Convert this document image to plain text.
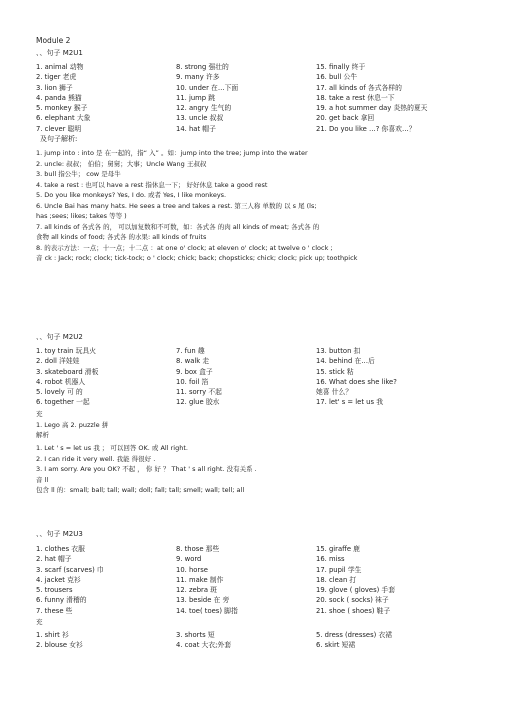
Module 2
、、句子 M2U1
1. animal 动物	8. strong 强壮的	15. finally 终于
2. tiger 老虎	9. many 许多	16. bull 公牛
3. lion 狮子	10. under 在…下面	17. all kinds of 各式各样的
4. panda 熊猫	11. jump 跳	18. take a rest 休息一下
5. monkey 猴子	12. angry 生气的	19. a hot summer day 炎热的夏天
6. elephant 大象	13. uncle 叔叔	20. get back 拿回
7. clever 聪明	14. hat 帽子	21. Do you like …? 你喜欢…？
及句子解析:
1. jump into : into 是 在一起的，指“ 入” 。如：jump into the tree; jump into the water
2. uncle: 叔叔； 伯伯；舅舅；大事；Uncle Wang 王叔叔
3. bull 指公牛； cow 是母牛
4. take a rest : 也可以 have a rest 指休息一下； 好好休息 take a good rest
5. Do you like monkeys? Yes, I do. 或者 Yes, I like monkeys.
6. Uncle Bai has many hats. He sees a tree and takes a rest. 第三人称 单数的 以 s 尾 (ls;
has ;sees; likes; takes 等等 )
7. all kinds of 各式各 的， 可以加复数和不可数，如：各式各 的肉 all kinds of meat; 各式各 的
食物 all kinds of food; 各式各 的水果: all kinds of fruits
8. 的表示方法：一点；十一点；十二点 ：at one o' clock; at eleven o' clock; at twelve o ' clock ;
音 ck : Jack; rock; clock; tick-tock; o ' clock; chick; back; chopsticks; chick; clock; pick up; toothpick
、、句子 M2U2
1. toy train 玩具火	7. fun 趣	13. button 扣
2. doll 洋娃娃	8. walk 走	14. behind 在…后
3. skateboard 滑板	9. box 盒子	15. stick 粘
4. robot 机器人	10. foil 箔	16. What does she like?
5. lovely 可 的	11. sorry 不起	她喜 什么？
6. together 一起	12. glue 胶水	17. let' s = let us 我
充
1. Lego 高 2. puzzle 拼
解析
1. Let ' s = let us 我 ； 可以回答 OK. 或 All right.
2. I can ride it very well. 我能 得很好 .
3. I am sorry. Are you OK? 不起 ， 你 好 ？ That ' s all right. 没有关系 .
音 ll
包含 ll 的：small; ball; tall; wall; doll; fall; tall; smell; wall; tell; all
、、句子 M2U3
1. clothes 衣服	8. those 那些	15. giraffe 鹿
2. hat 帽子	9. word	16. miss
3. scarf (scarves) 巾	10. horse	17. pupil 学生
4. jacket 克衫	11. make 制作	18. clean 打
5. trousers	12. zebra 斑	19. glove ( gloves) 手套
6. funny 滑稽的	13. beside 在 旁	20. sock ( socks) 袜子
7. these 些	14. toe( toes) 脚指	21. shoe ( shoes) 鞋子
充
1. shirt 衫	3. shorts 短	5. dress (dresses) 衣裙
2. blouse 女衫	4. coat 大衣;外套	6. skirt 短裙
